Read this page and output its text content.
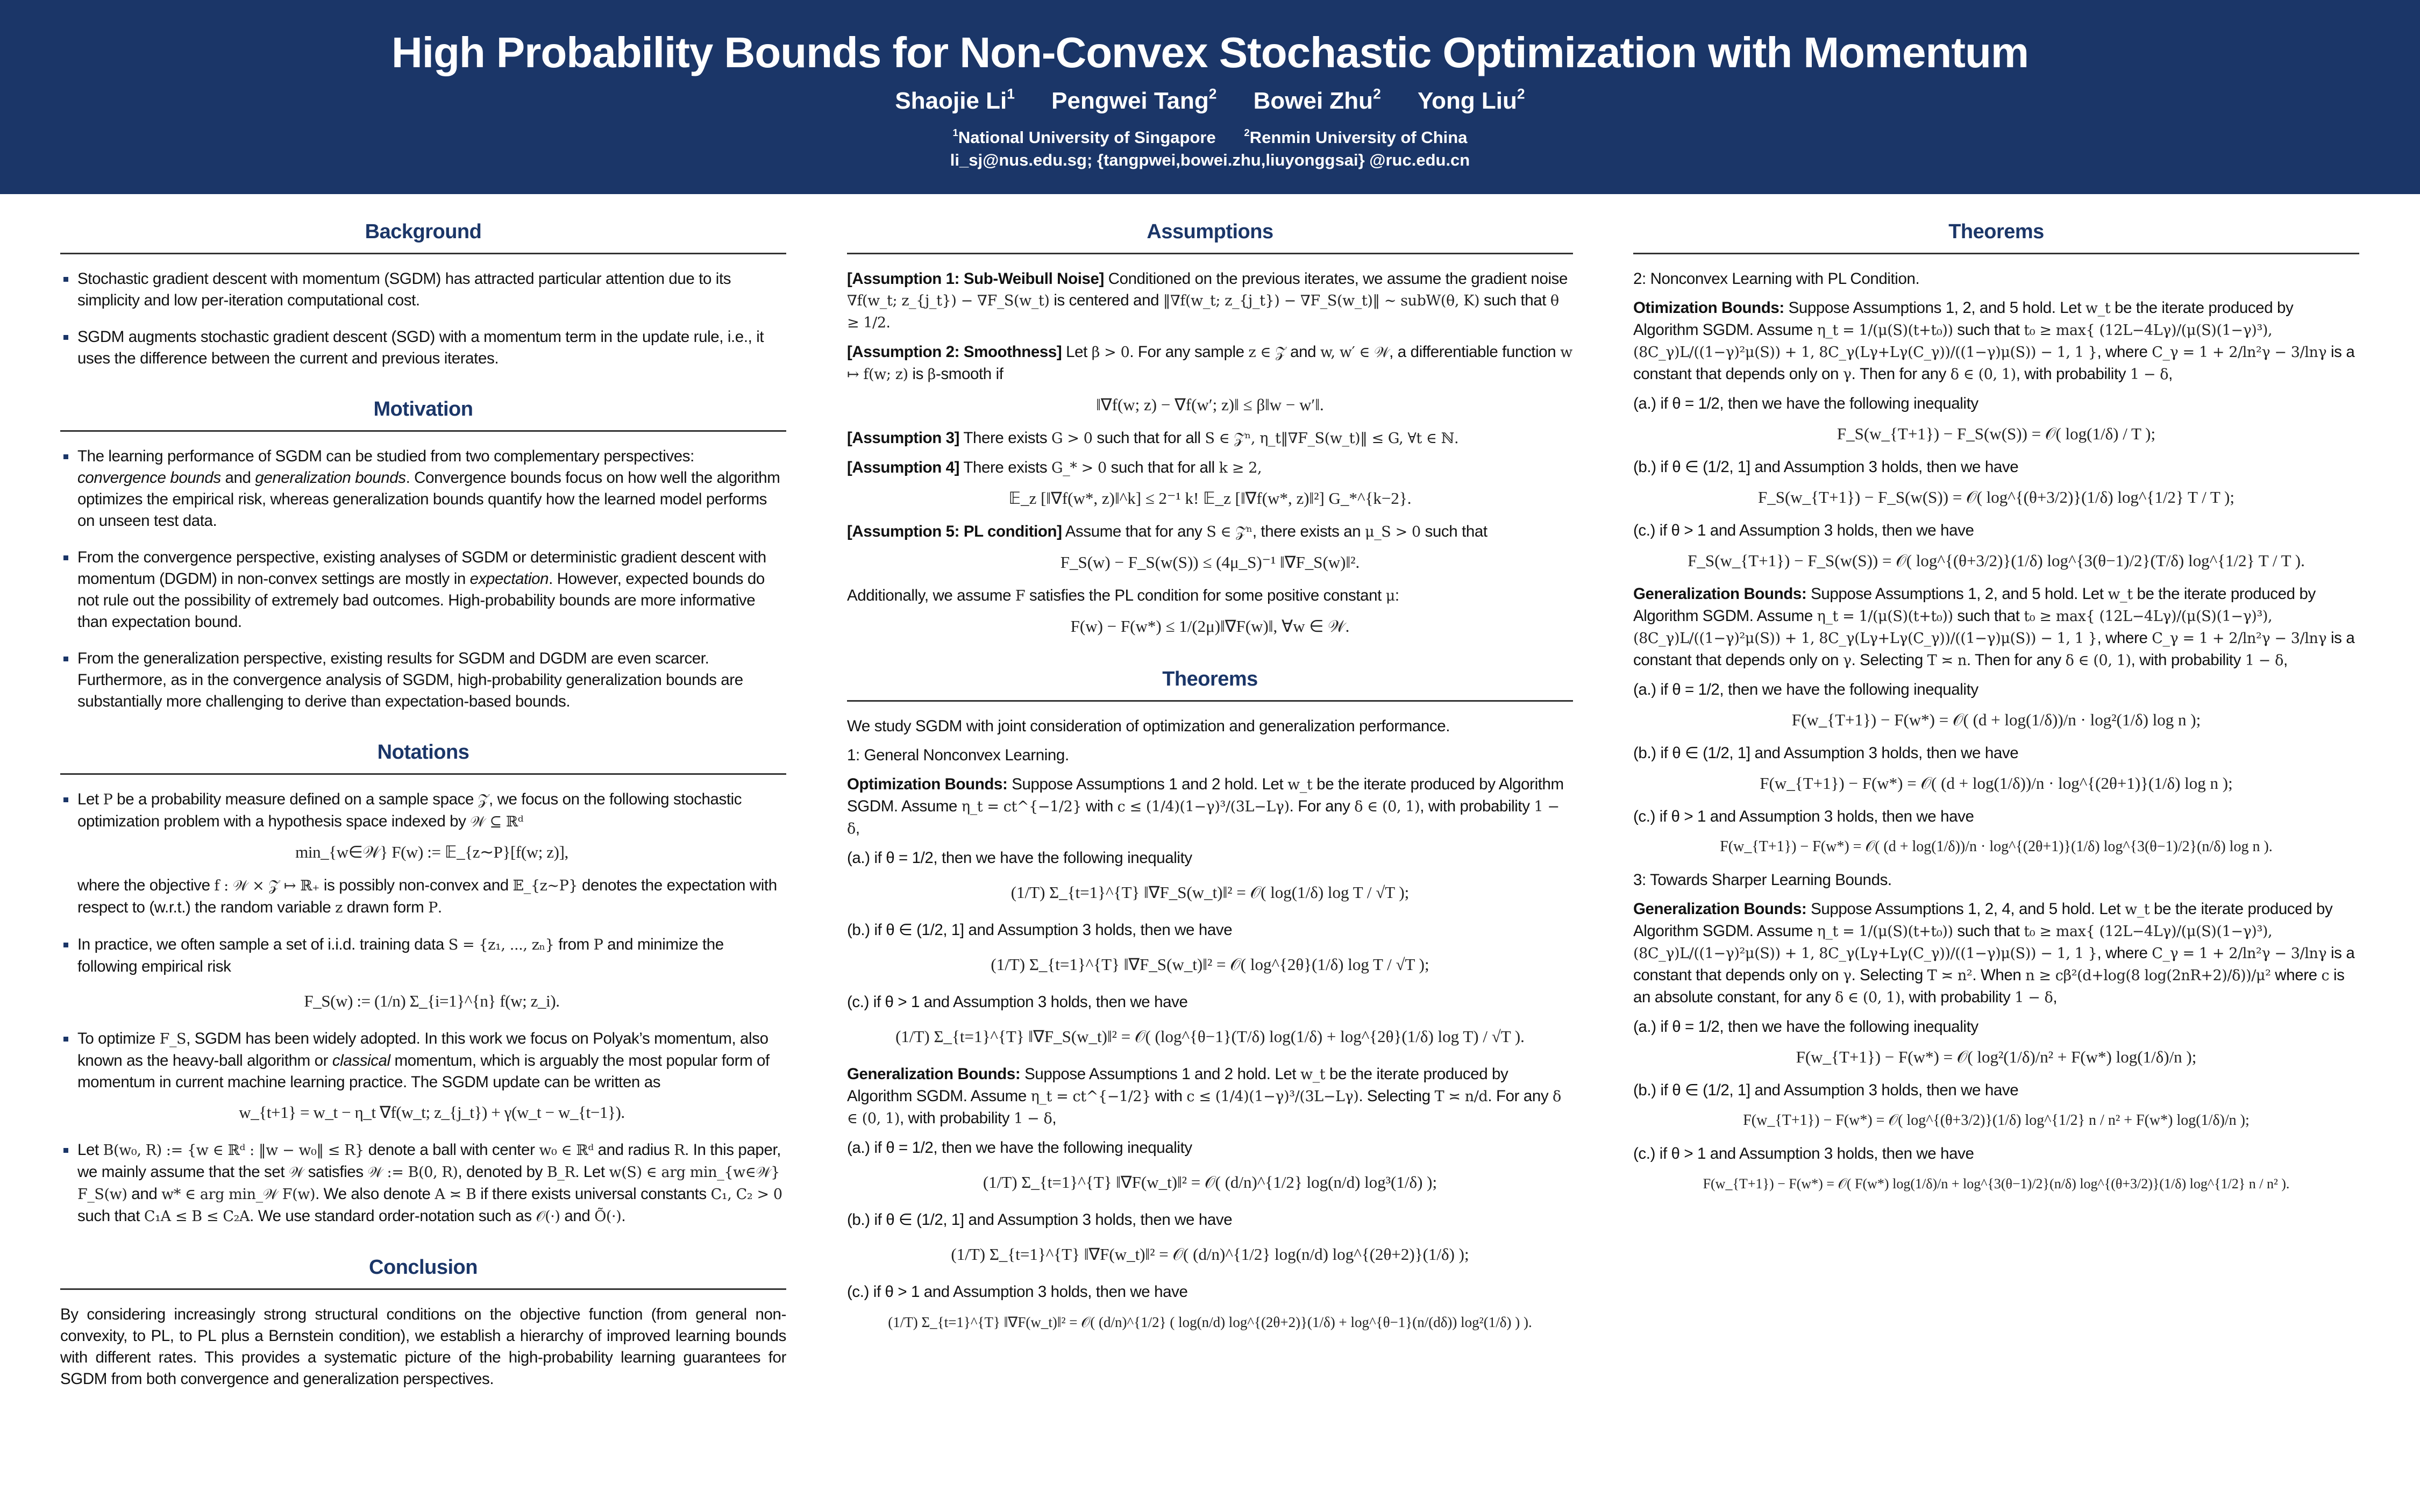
High Probability Bounds for Non-Convex Stochastic Optimization with Momentum
Shaojie Li$^1$ Pengwei Tang$^2$ Bowei Zhu$^2$ Yong Liu$^2$
$^1$National University of Singapore	$^2$Renmin University of China
li_sj@nus.edu.sg; {tangpwei,bowei.zhu,liuyonggsai} @ruc.edu.cn
Background
Stochastic gradient descent with momentum (SGDM) has attracted particular attention due to its simplicity and low per-iteration computational cost.
SGDM augments stochastic gradient descent (SGD) with a momentum term in the update rule, i.e., it uses the difference between the current and previous iterates.
Motivation
The learning performance of SGDM can be studied from two complementary perspectives: convergence bounds and generalization bounds. Convergence bounds focus on how well the algorithm optimizes the empirical risk, whereas generalization bounds quantify how the learned model performs on unseen test data.
From the convergence perspective, existing analyses of SGDM or deterministic gradient descent with momentum (DGDM) in non-convex settings are mostly in expectation. However, expected bounds do not rule out the possibility of extremely bad outcomes. High-probability bounds are more informative than expectation bound.
From the generalization perspective, existing results for SGDM and DGDM are even scarcer. Furthermore, as in the convergence analysis of SGDM, high-probability generalization bounds are substantially more challenging to derive than expectation-based bounds.
Notations
Let P be a probability measure defined on a sample space 𝒵, we focus on the following stochastic optimization problem with a hypothesis space indexed by 𝒲 ⊆ ℝᵈ
min_{w∈𝒲} F(w) := 𝔼_{z∼P}[f(w; z)],
where the objective f : 𝒲 × 𝒵 ↦ ℝ₊ is possibly non-convex and 𝔼_{z∼P} denotes the expectation with respect to (w.r.t.) the random variable z drawn form P.
In practice, we often sample a set of i.i.d. training data S = {z₁, ..., zₙ} from P and minimize the following empirical risk
F_S(w) := (1/n) Σ_{i=1}^{n} f(w; z_i).
To optimize F_S, SGDM has been widely adopted. In this work we focus on Polyak’s momentum, also known as the heavy-ball algorithm or classical momentum, which is arguably the most popular form of momentum in current machine learning practice. The SGDM update can be written as
w_{t+1} = w_t − η_t ∇f(w_t; z_{j_t}) + γ(w_t − w_{t−1}).
Let B(w₀, R) := {w ∈ ℝᵈ : ‖w − w₀‖ ≤ R} denote a ball with center w₀ ∈ ℝᵈ and radius R. In this paper, we mainly assume that the set 𝒲 satisfies 𝒲 := B(0, R), denoted by B_R. Let w(S) ∈ arg min_{w∈𝒲} F_S(w) and w* ∈ arg min_𝒲 F(w). We also denote A ≍ B if there exists universal constants C₁, C₂ > 0 such that C₁A ≤ B ≤ C₂A. We use standard order-notation such as 𝒪(·) and Õ(·).
Conclusion

By considering increasingly strong structural conditions on the objective function (from general non-convexity, to PL, to PL plus a Bernstein condition), we establish a hierarchy of improved learning bounds with different rates. This provides a systematic picture of the high-probability learning guarantees for SGDM from both convergence and generalization perspectives.

Assumptions

[Assumption 1: Sub-Weibull Noise] Conditioned on the previous iterates, we assume the gradient noise ∇f(w_t; z_{j_t}) − ∇F_S(w_t) is centered and ‖∇f(w_t; z_{j_t}) − ∇F_S(w_t)‖ ∼ subW(θ, K) such that θ ≥ 1/2.

[Assumption 2: Smoothness] Let β > 0. For any sample z ∈ 𝒵 and w, w′ ∈ 𝒲, a differentiable function w ↦ f(w; z) is β-smooth if

‖∇f(w; z) − ∇f(w′; z)‖ ≤ β‖w − w′‖.

[Assumption 3] There exists G > 0 such that for all S ∈ 𝒵ⁿ, η_t‖∇F_S(w_t)‖ ≤ G, ∀t ∈ ℕ.

[Assumption 4] There exists G_* > 0 such that for all k ≥ 2,

𝔼_z [‖∇f(w*, z)‖^k] ≤ 2⁻¹ k! 𝔼_z [‖∇f(w*, z)‖²] G_*^{k−2}.

[Assumption 5: PL condition] Assume that for any S ∈ 𝒵ⁿ, there exists an μ_S > 0 such that

F_S(w) − F_S(w(S)) ≤ (4μ_S)⁻¹ ‖∇F_S(w)‖².

Additionally, we assume F satisfies the PL condition for some positive constant μ:

F(w) − F(w*) ≤ 1/(2μ)‖∇F(w)‖, ∀w ∈ 𝒲.
Theorems

We study SGDM with joint consideration of optimization and generalization performance.

1: General Nonconvex Learning.

Optimization Bounds: Suppose Assumptions 1 and 2 hold. Let w_t be the iterate produced by Algorithm SGDM. Assume η_t = ct^{−1/2} with c ≤ (1/4)(1−γ)³/(3L−Lγ). For any δ ∈ (0, 1), with probability 1 − δ,

(a.) if θ = 1/2, then we have the following inequality

(1/T) Σ_{t=1}^{T} ‖∇F_S(w_t)‖² = 𝒪( log(1/δ) log T / √T );

(b.) if θ ∈ (1/2, 1] and Assumption 3 holds, then we have

(1/T) Σ_{t=1}^{T} ‖∇F_S(w_t)‖² = 𝒪( log^{2θ}(1/δ) log T / √T );

(c.) if θ > 1 and Assumption 3 holds, then we have

(1/T) Σ_{t=1}^{T} ‖∇F_S(w_t)‖² = 𝒪( (log^{θ−1}(T/δ) log(1/δ) + log^{2θ}(1/δ) log T) / √T ).

Generalization Bounds: Suppose Assumptions 1 and 2 hold. Let w_t be the iterate produced by Algorithm SGDM. Assume η_t = ct^{−1/2} with c ≤ (1/4)(1−γ)³/(3L−Lγ). Selecting T ≍ n/d. For any δ ∈ (0, 1), with probability 1 − δ,

(a.) if θ = 1/2, then we have the following inequality

(1/T) Σ_{t=1}^{T} ‖∇F(w_t)‖² = 𝒪( (d/n)^{1/2} log(n/d) log³(1/δ) );

(b.) if θ ∈ (1/2, 1] and Assumption 3 holds, then we have

(1/T) Σ_{t=1}^{T} ‖∇F(w_t)‖² = 𝒪( (d/n)^{1/2} log(n/d) log^{(2θ+2)}(1/δ) );

(c.) if θ > 1 and Assumption 3 holds, then we have

(1/T) Σ_{t=1}^{T} ‖∇F(w_t)‖² = 𝒪( (d/n)^{1/2} ( log(n/d) log^{(2θ+2)}(1/δ) + log^{θ−1}(n/(dδ)) log²(1/δ) ) ).
Theorems

2: Nonconvex Learning with PL Condition.

Otimization Bounds: Suppose Assumptions 1, 2, and 5 hold. Let w_t be the iterate produced by Algorithm SGDM. Assume η_t = 1/(μ(S)(t+t₀)) such that t₀ ≥ max{ (12L−4Lγ)/(μ(S)(1−γ)³), (8C_γ)L/((1−γ)²μ(S)) + 1, 8C_γ(Lγ+Lγ(C_γ))/((1−γ)μ(S)) − 1, 1 }, where C_γ = 1 + 2/ln²γ − 3/lnγ is a constant that depends only on γ. Then for any δ ∈ (0, 1), with probability 1 − δ,

(a.) if θ = 1/2, then we have the following inequality

F_S(w_{T+1}) − F_S(w(S)) = 𝒪( log(1/δ) / T );

(b.) if θ ∈ (1/2, 1] and Assumption 3 holds, then we have

F_S(w_{T+1}) − F_S(w(S)) = 𝒪( log^{(θ+3/2)}(1/δ) log^{1/2} T / T );

(c.) if θ > 1 and Assumption 3 holds, then we have

F_S(w_{T+1}) − F_S(w(S)) = 𝒪( log^{(θ+3/2)}(1/δ) log^{3(θ−1)/2}(T/δ) log^{1/2} T / T ).

Generalization Bounds: Suppose Assumptions 1, 2, and 5 hold. Let w_t be the iterate produced by Algorithm SGDM. Assume η_t = 1/(μ(S)(t+t₀)) such that t₀ ≥ max{ (12L−4Lγ)/(μ(S)(1−γ)³), (8C_γ)L/((1−γ)²μ(S)) + 1, 8C_γ(Lγ+Lγ(C_γ))/((1−γ)μ(S)) − 1, 1 }, where C_γ = 1 + 2/ln²γ − 3/lnγ is a constant that depends only on γ. Selecting T ≍ n. Then for any δ ∈ (0, 1), with probability 1 − δ,

(a.) if θ = 1/2, then we have the following inequality

F(w_{T+1}) − F(w*) = 𝒪( (d + log(1/δ))/n · log²(1/δ) log n );

(b.) if θ ∈ (1/2, 1] and Assumption 3 holds, then we have

F(w_{T+1}) − F(w*) = 𝒪( (d + log(1/δ))/n · log^{(2θ+1)}(1/δ) log n );

(c.) if θ > 1 and Assumption 3 holds, then we have

F(w_{T+1}) − F(w*) = 𝒪( (d + log(1/δ))/n · log^{(2θ+1)}(1/δ) log^{3(θ−1)/2}(n/δ) log n ).

3: Towards Sharper Learning Bounds.

Generalization Bounds: Suppose Assumptions 1, 2, 4, and 5 hold. Let w_t be the iterate produced by Algorithm SGDM. Assume η_t = 1/(μ(S)(t+t₀)) such that t₀ ≥ max{ (12L−4Lγ)/(μ(S)(1−γ)³), (8C_γ)L/((1−γ)²μ(S)) + 1, 8C_γ(Lγ+Lγ(C_γ))/((1−γ)μ(S)) − 1, 1 }, where C_γ = 1 + 2/ln²γ − 3/lnγ is a constant that depends only on γ. Selecting T ≍ n². When n ≥ cβ²(d+log(8 log(2nR+2)/δ))/μ² where c is an absolute constant, for any δ ∈ (0, 1), with probability 1 − δ,

(a.) if θ = 1/2, then we have the following inequality

F(w_{T+1}) − F(w*) = 𝒪( log²(1/δ)/n² + F(w*) log(1/δ)/n );

(b.) if θ ∈ (1/2, 1] and Assumption 3 holds, then we have

F(w_{T+1}) − F(w*) = 𝒪( log^{(θ+3/2)}(1/δ) log^{1/2} n / n² + F(w*) log(1/δ)/n );

(c.) if θ > 1 and Assumption 3 holds, then we have

F(w_{T+1}) − F(w*) = 𝒪( F(w*) log(1/δ)/n + log^{3(θ−1)/2}(n/δ) log^{(θ+3/2)}(1/δ) log^{1/2} n / n² ).
